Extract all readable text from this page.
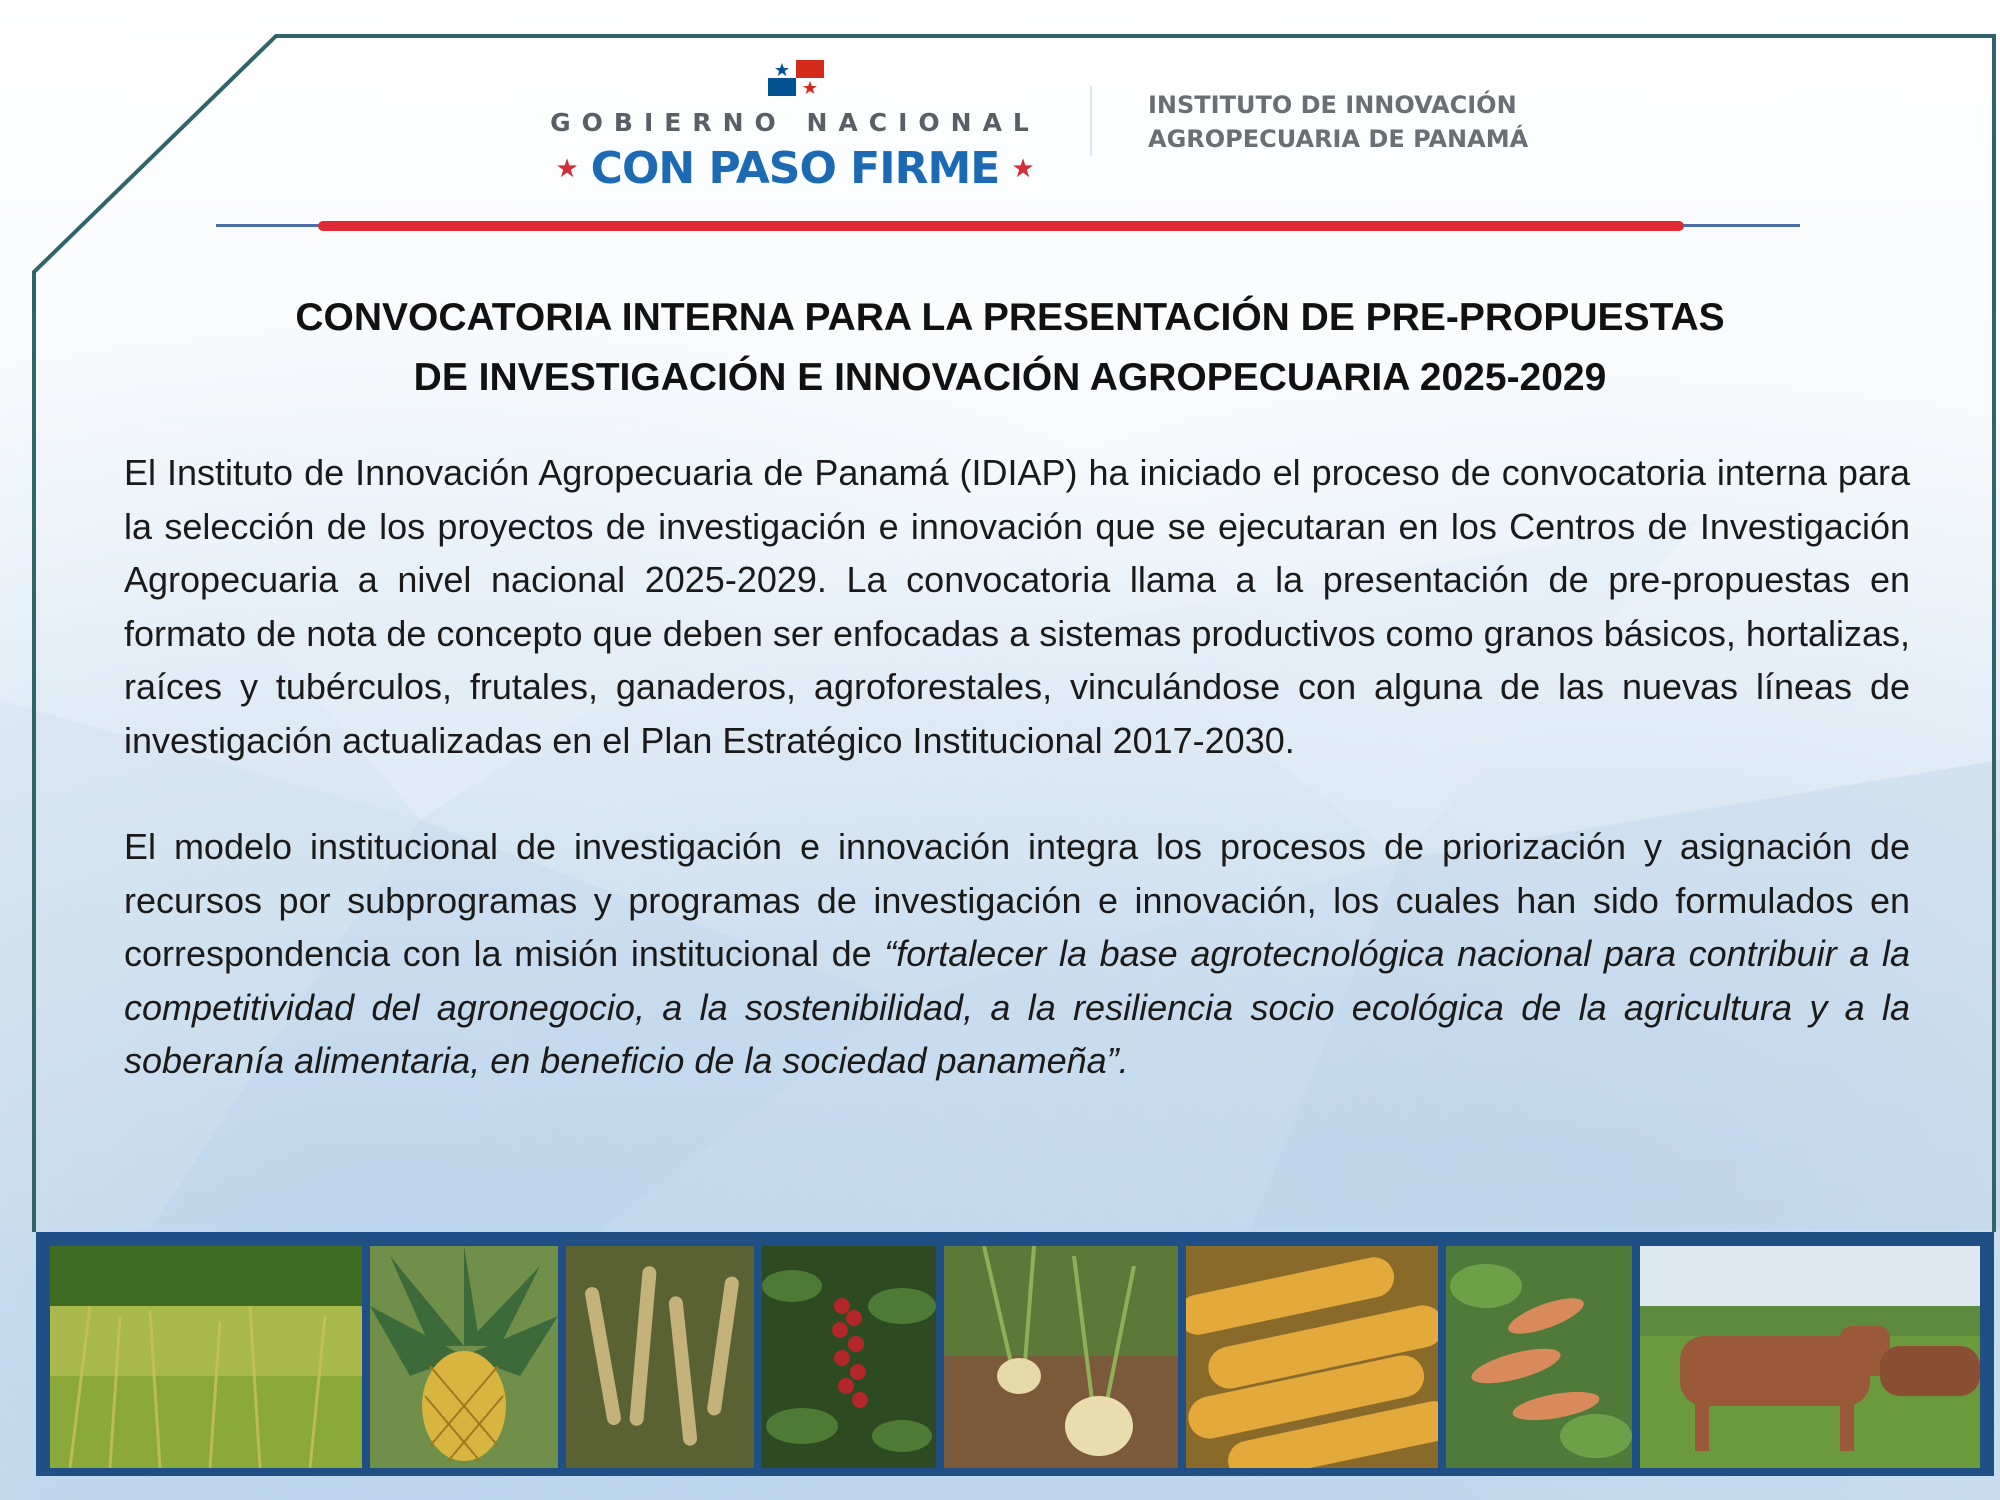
GOBIERNO NACIONAL
★ CON PASO FIRME ★
INSTITUTO DE INNOVACIÓN
AGROPECUARIA DE PANAMÁ
CONVOCATORIA INTERNA PARA LA PRESENTACIÓN DE PRE-PROPUESTAS
DE INVESTIGACIÓN E INNOVACIÓN AGROPECUARIA 2025-2029

El Instituto de Innovación Agropecuaria de Panamá (IDIAP) ha iniciado el proceso de convocatoria interna para la selección de los proyectos de investigación e innovación que se ejecutaran en los Centros de Investigación Agropecuaria a nivel nacional 2025-2029. La convocatoria llama a la presentación de pre-propuestas en formato de nota de concepto que deben ser enfocadas a sistemas productivos como granos básicos, hortalizas, raíces y tubérculos, frutales, ganaderos, agroforestales, vinculándose con alguna de las nuevas líneas de investigación actualizadas en el Plan Estratégico Institucional 2017-2030.

El modelo institucional de investigación e innovación integra los procesos de priorización y asignación de recursos por subprogramas y programas de investigación e innovación, los cuales han sido formulados en correspondencia con la misión institucional de “fortalecer la base agrotecnológica nacional para contribuir a la competitividad del agronegocio, a la sostenibilidad, a la resiliencia socio ecológica de la agricultura y a la soberanía alimentaria, en beneficio de la sociedad panameña”.
